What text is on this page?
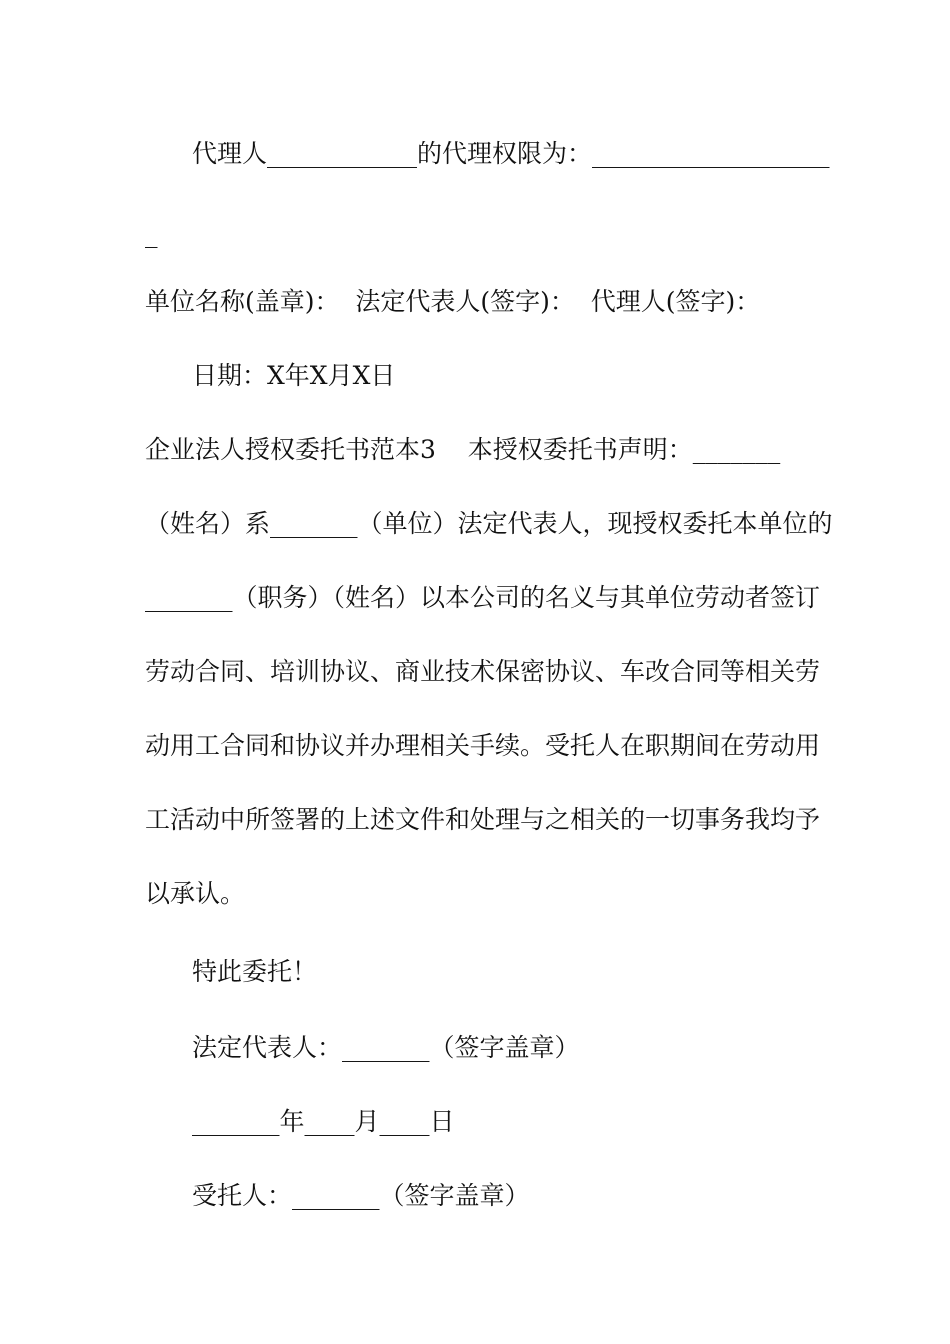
代理人____________的代理权限为：___________________
_
单位名称(盖章)：  法定代表人(签字)：  代理人(签字)：
日期：X年X月X日
企业法人授权委托书范本3    本授权委托书声明：_______
（姓名）系_______（单位）法定代表人，现授权委托本单位的
_______（职务）（姓名）以本公司的名义与其单位劳动者签订
劳动合同、培训协议、商业技术保密协议、车改合同等相关劳
动用工合同和协议并办理相关手续。受托人在职期间在劳动用
工活动中所签署的上述文件和处理与之相关的一切事务我均予
以承认。
特此委托！
法定代表人：_______（签字盖章）
_______年____月____日
受托人：_______（签字盖章）
